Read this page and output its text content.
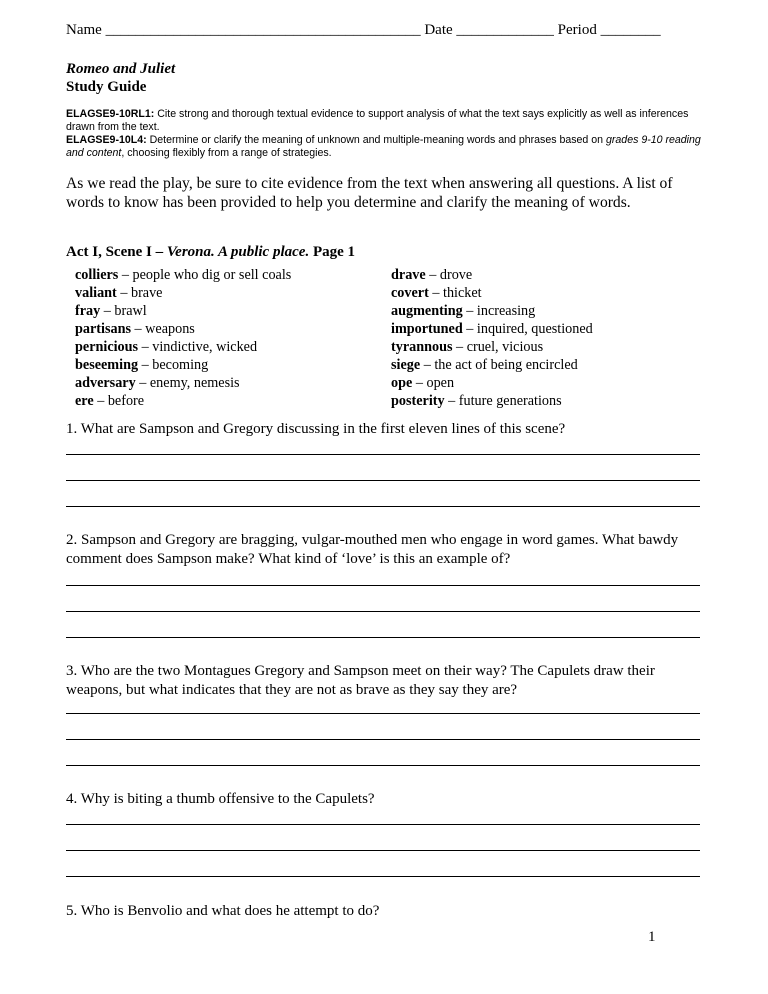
Name __________________________________________ Date _____________ Period ________
Romeo and Juliet
Study Guide
ELAGSE9-10RL1: Cite strong and thorough textual evidence to support analysis of what the text says explicitly as well as inferences drawn from the text.
ELAGSE9-10L4: Determine or clarify the meaning of unknown and multiple-meaning words and phrases based on grades 9-10 reading and content, choosing flexibly from a range of strategies.
As we read the play, be sure to cite evidence from the text when answering all questions. A list of words to know has been provided to help you determine and clarify the meaning of words.
Act I, Scene I – Verona. A public place. Page 1
colliers – people who dig or sell coals
valiant – brave
fray – brawl
partisans – weapons
pernicious – vindictive, wicked
beseeming – becoming
adversary – enemy, nemesis
ere – before
drave – drove
covert – thicket
augmenting – increasing
importuned – inquired, questioned
tyrannous – cruel, vicious
siege – the act of being encircled
ope – open
posterity – future generations
1. What are Sampson and Gregory discussing in the first eleven lines of this scene?
2. Sampson and Gregory are bragging, vulgar-mouthed men who engage in word games. What bawdy comment does Sampson make? What kind of ‘love’ is this an example of?
3. Who are the two Montagues Gregory and Sampson meet on their way? The Capulets draw their weapons, but what indicates that they are not as brave as they say they are?
4. Why is biting a thumb offensive to the Capulets?
5. Who is Benvolio and what does he attempt to do?
1
